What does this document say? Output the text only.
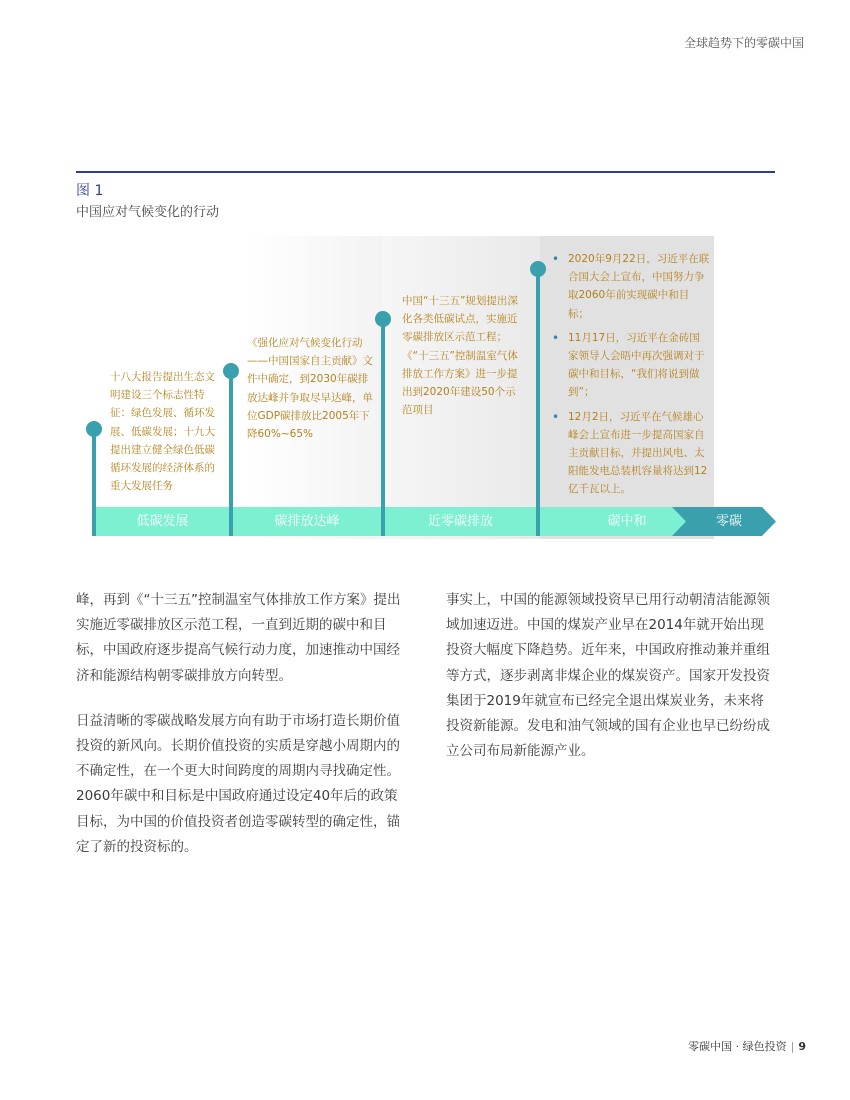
全球趋势下的零碳中国
图 1
中国应对气候变化的行动
十八大报告提出生态文明建设三个标志性特征：绿色发展、循环发展、低碳发展；十九大提出建立健全绿色低碳循环发展的经济体系的重大发展任务
《强化应对气候变化行动——中国国家自主贡献》文件中确定，到2030年碳排放达峰并争取尽早达峰，单位GDP碳排放比2005年下降60%~65%
中国“十三五”规划提出深化各类低碳试点，实施近零碳排放区示范工程；《“十三五”控制温室气体排放工作方案》进一步提出到2020年建设50个示范项目
• 2020年9月22日，习近平在联合国大会上宣布，中国努力争取2060年前实现碳中和目标；
• 11月17日，习近平在金砖国家领导人会晤中再次强调对于碳中和目标，“我们将说到做到”；
• 12月2日，习近平在气候雄心峰会上宣布进一步提高国家自主贡献目标，并提出风电、太阳能发电总装机容量将达到12亿千瓦以上。
低碳发展	碳排放达峰	近零碳排放	碳中和	零碳

峰，再到《“十三五”控制温室气体排放工作方案》提出实施近零碳排放区示范工程，一直到近期的碳中和目标，中国政府逐步提高气候行动力度，加速推动中国经济和能源结构朝零碳排放方向转型。

日益清晰的零碳战略发展方向有助于市场打造长期价值投资的新风向。长期价值投资的实质是穿越小周期内的不确定性，在一个更大时间跨度的周期内寻找确定性。2060年碳中和目标是中国政府通过设定40年后的政策目标，为中国的价值投资者创造零碳转型的确定性，锚定了新的投资标的。

事实上，中国的能源领域投资早已用行动朝清洁能源领域加速迈进。中国的煤炭产业早在2014年就开始出现投资大幅度下降趋势。近年来，中国政府推动兼并重组等方式，逐步剥离非煤企业的煤炭资产。国家开发投资集团于2019年就宣布已经完全退出煤炭业务，未来将投资新能源。发电和油气领域的国有企业也早已纷纷成立公司布局新能源产业。

零碳中国 · 绿色投资 | 9
